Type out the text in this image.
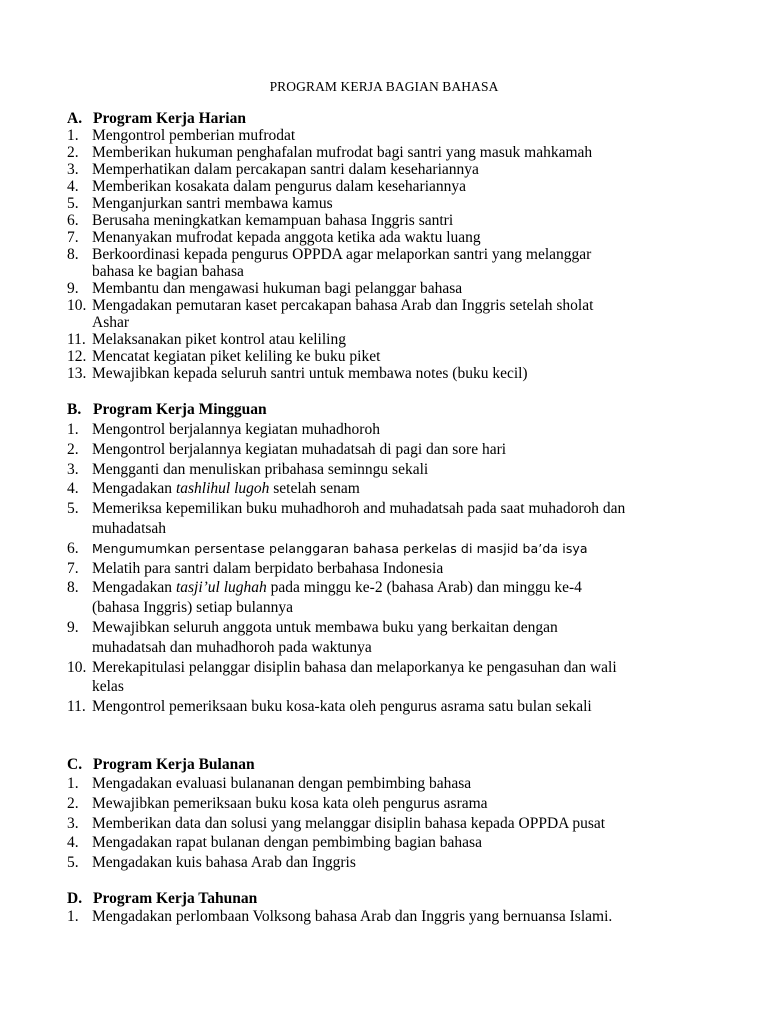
PROGRAM KERJA BAGIAN BAHASA
A. Program Kerja Harian
1. Mengontrol pemberian mufrodat
2. Memberikan hukuman penghafalan mufrodat bagi santri yang masuk mahkamah
3. Memperhatikan dalam percakapan santri dalam kesehariannya
4. Memberikan kosakata dalam pengurus dalam kesehariannya
5. Menganjurkan santri membawa kamus
6. Berusaha meningkatkan kemampuan bahasa Inggris santri
7. Menanyakan mufrodat kepada anggota ketika ada waktu luang
8. Berkoordinasi kepada pengurus OPPDA agar melaporkan santri yang melanggar
bahasa ke bagian bahasa
9. Membantu dan mengawasi hukuman bagi pelanggar bahasa
10. Mengadakan pemutaran kaset percakapan bahasa Arab dan Inggris setelah sholat
Ashar
11. Melaksanakan piket kontrol atau keliling
12. Mencatat kegiatan piket keliling ke buku piket
13. Mewajibkan kepada seluruh santri untuk membawa notes (buku kecil)
B. Program Kerja Mingguan
1. Mengontrol berjalannya kegiatan muhadhoroh
2. Mengontrol berjalannya kegiatan muhadatsah di pagi dan sore hari
3. Mengganti dan menuliskan pribahasa seminngu sekali
4. Mengadakan tashlihul lugoh setelah senam
5. Memeriksa kepemilikan buku muhadhoroh and muhadatsah pada saat muhadoroh dan
muhadatsah
6. Mengumumkan persentase pelanggaran bahasa perkelas di masjid ba’da isya
7. Melatih para santri dalam berpidato berbahasa Indonesia
8. Mengadakan tasji’ul lughah pada minggu ke-2 (bahasa Arab) dan minggu ke-4
(bahasa Inggris) setiap bulannya
9. Mewajibkan seluruh anggota untuk membawa buku yang berkaitan dengan
muhadatsah dan muhadhoroh pada waktunya
10. Merekapitulasi pelanggar disiplin bahasa dan melaporkanya ke pengasuhan dan wali
kelas
11. Mengontrol pemeriksaan buku kosa-kata oleh pengurus asrama satu bulan sekali
C. Program Kerja Bulanan
1. Mengadakan evaluasi bulananan dengan pembimbing bahasa
2. Mewajibkan pemeriksaan buku kosa kata oleh pengurus asrama
3. Memberikan data dan solusi yang melanggar disiplin bahasa kepada OPPDA pusat
4. Mengadakan rapat bulanan dengan pembimbing bagian bahasa
5. Mengadakan kuis bahasa Arab dan Inggris
D. Program Kerja Tahunan
1. Mengadakan perlombaan Volksong bahasa Arab dan Inggris yang bernuansa Islami.
